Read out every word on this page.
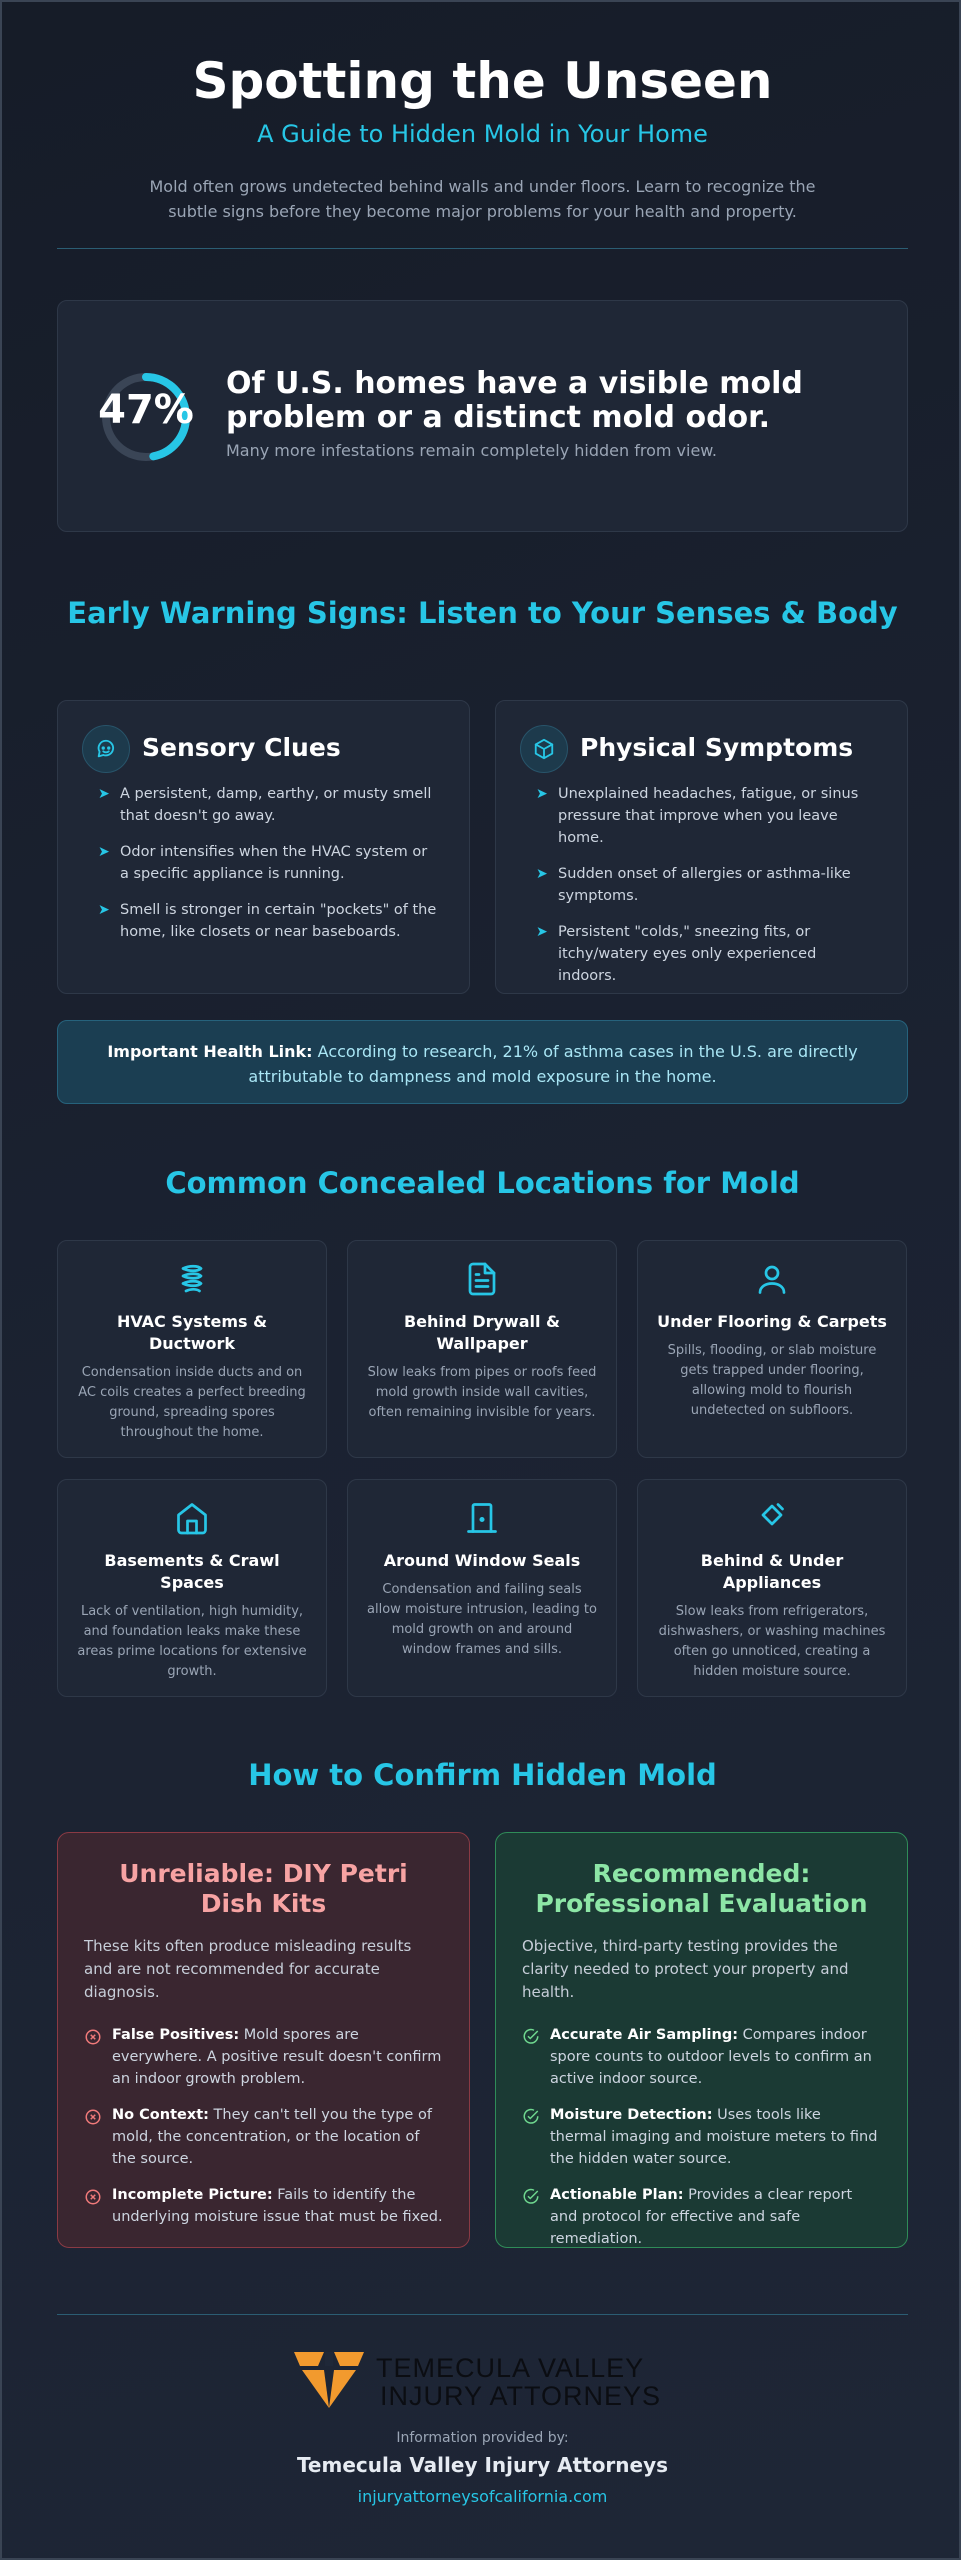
Spotting the Unseen
A Guide to Hidden Mold in Your Home
Mold often grows undetected behind walls and under floors. Learn to recognize the subtle signs before they become major problems for your health and property.
47%
Of U.S. homes have a visible mold problem or a distinct mold odor.
Many more infestations remain completely hidden from view.
Early Warning Signs: Listen to Your Senses & Body
Sensory Clues
➤ A persistent, damp, earthy, or musty smell that doesn't go away.
➤ Odor intensifies when the HVAC system or a specific appliance is running.
➤ Smell is stronger in certain "pockets" of the home, like closets or near baseboards.
Physical Symptoms
➤ Unexplained headaches, fatigue, or sinus pressure that improve when you leave home.
➤ Sudden onset of allergies or asthma-like symptoms.
➤ Persistent "colds," sneezing fits, or itchy/watery eyes only experienced indoors.
Important Health Link: According to research, 21% of asthma cases in the U.S. are directly attributable to dampness and mold exposure in the home.
Common Concealed Locations for Mold
HVAC Systems & Ductwork
Condensation inside ducts and on AC coils creates a perfect breeding ground, spreading spores throughout the home.
Behind Drywall & Wallpaper
Slow leaks from pipes or roofs feed mold growth inside wall cavities, often remaining invisible for years.
Under Flooring & Carpets
Spills, flooding, or slab moisture gets trapped under flooring, allowing mold to flourish undetected on subfloors.
Basements & Crawl Spaces
Lack of ventilation, high humidity, and foundation leaks make these areas prime locations for extensive growth.
Around Window Seals
Condensation and failing seals allow moisture intrusion, leading to mold growth on and around window frames and sills.
Behind & Under Appliances
Slow leaks from refrigerators, dishwashers, or washing machines often go unnoticed, creating a hidden moisture source.
How to Confirm Hidden Mold
Unreliable: DIY Petri Dish Kits
These kits often produce misleading results and are not recommended for accurate diagnosis.
False Positives: Mold spores are everywhere. A positive result doesn't confirm an indoor growth problem.
No Context: They can't tell you the type of mold, the concentration, or the location of the source.
Incomplete Picture: Fails to identify the underlying moisture issue that must be fixed.
Recommended: Professional Evaluation
Objective, third-party testing provides the clarity needed to protect your property and health.
Accurate Air Sampling: Compares indoor spore counts to outdoor levels to confirm an active indoor source.
Moisture Detection: Uses tools like thermal imaging and moisture meters to find the hidden water source.
Actionable Plan: Provides a clear report and protocol for effective and safe remediation.
TEMECULA VALLEY
INJURY ATTORNEYS
Information provided by:
Temecula Valley Injury Attorneys
injuryattorneysofcalifornia.com
